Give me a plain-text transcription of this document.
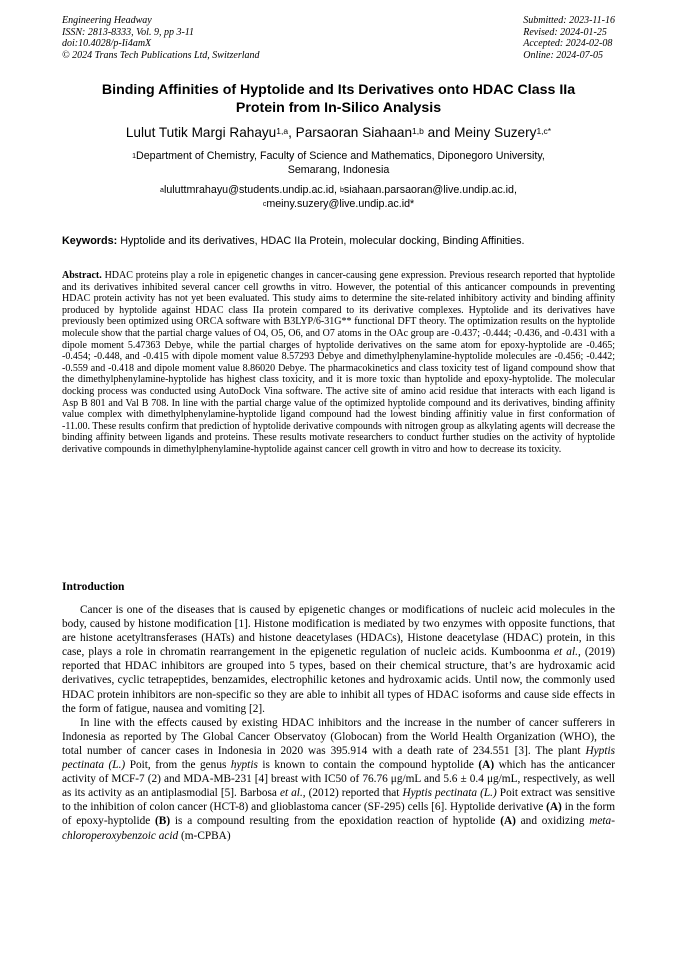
Engineering Headway
ISSN: 2813-8333, Vol. 9, pp 3-11
doi:10.4028/p-Ii4amX
© 2024 Trans Tech Publications Ltd, Switzerland
Submitted: 2023-11-16
Revised: 2024-01-25
Accepted: 2024-02-08
Online: 2024-07-05
Binding Affinities of Hyptolide and Its Derivatives onto HDAC Class IIa
Protein from In-Silico Analysis
Lulut Tutik Margi Rahayu$^{1,a}$, Parsaoran Siahaan$^{1,b}$ and Meiny Suzery$^{1,c*}$
$^1$Department of Chemistry, Faculty of Science and Mathematics, Diponegoro University,
Semarang, Indonesia
$^a$luluttmrahayu@students.undip.ac.id, $^b$siahaan.parsaoran@live.undip.ac.id,
$^c$meiny.suzery@live.undip.ac.id*
Keywords: Hyptolide and its derivatives, HDAC IIa Protein, molecular docking, Binding Affinities.
Abstract. HDAC proteins play a role in epigenetic changes in cancer-causing gene expression. Previous research reported that hyptolide and its derivatives inhibited several cancer cell growths in vitro. However, the potential of this anticancer compounds in preventing HDAC protein activity has not yet been evaluated. This study aims to determine the site-related inhibitory activity and binding affinity produced by hyptolide against HDAC class IIa protein compared to its derivative complexes. Hyptolide and its derivatives have previously been optimized using ORCA software with B3LYP/6-31G** functional DFT theory. The optimization results on the hyptolide molecule show that the partial charge values of O4, O5, O6, and O7 atoms in the OAc group are -0.437; -0.444; -0.436, and -0.431 with a dipole moment 5.47363 Debye, while the partial charges of hyptolide derivatives on the same atom for epoxy-hyptolide are -0.465; -0.454; -0.448, and -0.415 with dipole moment value 8.57293 Debye and dimethylphenylamine-hyptolide molecules are -0.456; -0.442; -0.559 and -0.418 and dipole moment value 8.86020 Debye. The pharmacokinetics and class toxicity test of ligand compound show that the dimethylphenylamine-hyptolide has highest class toxicity, and it is more toxic than hyptolide and epoxy-hyptolide. The molecular docking process was conducted using AutoDock Vina software. The active site of amino acid residue that interacts with each ligand is Asp B 801 and Val B 708. In line with the partial charge value of the optimized hyptolide compound and its derivatives, binding affinity value complex with dimethylphenylamine-hyptolide ligand compound had the lowest binding affinitiy value in first conformation of -11.00. These results confirm that prediction of hyptolide derivative compounds with nitrogen group as alkylating agents will decrease the binding affinity between ligands and proteins. These results motivate researchers to conduct further studies on the activity of hyptolide derivative compounds in dimethylphenylamine-hyptolide against cancer cell growth in vitro and how to decrease its toxicity.
Introduction

Cancer is one of the diseases that is caused by epigenetic changes or modifications of nucleic acid molecules in the body, caused by histone modification [1]. Histone modification is mediated by two enzymes with opposite functions, that are histone acetyltransferases (HATs) and histone deacetylases (HDACs), Histone deacetylase (HDAC) protein, in this case, plays a role in chromatin rearrangement in the epigenetic regulation of nucleic acids. Kumboonma et al., (2019) reported that HDAC inhibitors are grouped into 5 types, based on their chemical structure, that’s are hydroxamic acid derivatives, cyclic tetrapeptides, benzamides, electrophilic ketones and hydroxamic acids. Until now, the commonly used HDAC protein inhibitors are non-specific so they are able to inhibit all types of HDAC isoforms and cause side effects in the form of fatigue, nausea and vomiting [2].

In line with the effects caused by existing HDAC inhibitors and the increase in the number of cancer sufferers in Indonesia as reported by The Global Cancer Observatoy (Globocan) from the World Health Organization (WHO), the total number of cancer cases in Indonesia in 2020 was 395.914 with a death rate of 234.551 [3]. The plant Hyptis pectinata (L.) Poit, from the genus hyptis is known to contain the compound hyptolide (A) which has the anticancer activity of MCF-7 (2) and MDA-MB-231 [4] breast with IC50 of 76.76 μg/mL and 5.6 ± 0.4 μg/mL, respectively, as well as its activity as an antiplasmodial [5]. Barbosa et al., (2012) reported that Hyptis pectinata (L.) Poit extract was sensitive to the inhibition of colon cancer (HCT-8) and glioblastoma cancer (SF-295) cells [6]. Hyptolide derivative (A) in the form of epoxy-hyptolide (B) is a compound resulting from the epoxidation reaction of hyptolide (A) and oxidizing meta-chloroperoxybenzoic acid (m-CPBA)
